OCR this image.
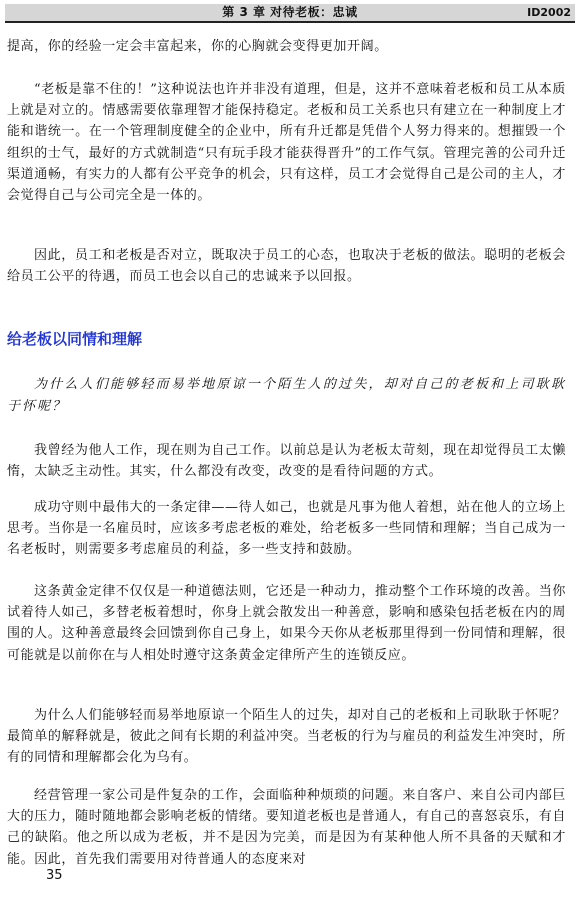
第 3 章 对待老板：忠诚	ID2002

提高，你的经验一定会丰富起来，你的心胸就会变得更加开阔。

“老板是靠不住的！”这种说法也许并非没有道理，但是，这并不意味着老板和员工从本质上就是对立的。情感需要依靠理智才能保持稳定。老板和员工关系也只有建立在一种制度上才能和谐统一。在一个管理制度健全的企业中，所有升迁都是凭借个人努力得来的。想摧毁一个组织的士气，最好的方式就制造“只有玩手段才能获得晋升”的工作气氛。管理完善的公司升迁渠道通畅，有实力的人都有公平竞争的机会，只有这样，员工才会觉得自己是公司的主人，才会觉得自己与公司完全是一体的。

因此，员工和老板是否对立，既取决于员工的心态，也取决于老板的做法。聪明的老板会给员工公平的待遇，而员工也会以自己的忠诚来予以回报。

给老板以同情和理解

为什么人们能够轻而易举地原谅一个陌生人的过失，却对自己的老板和上司耿耿于怀呢？

我曾经为他人工作，现在则为自己工作。以前总是认为老板太苛刻，现在却觉得员工太懒惰，太缺乏主动性。其实，什么都没有改变，改变的是看待问题的方式。

成功守则中最伟大的一条定律——待人如己，也就是凡事为他人着想，站在他人的立场上思考。当你是一名雇员时，应该多考虑老板的难处，给老板多一些同情和理解；当自己成为一名老板时，则需要多考虑雇员的利益，多一些支持和鼓励。

这条黄金定律不仅仅是一种道德法则，它还是一种动力，推动整个工作环境的改善。当你试着待人如己，多替老板着想时，你身上就会散发出一种善意，影响和感染包括老板在内的周围的人。这种善意最终会回馈到你自己身上，如果今天你从老板那里得到一份同情和理解，很可能就是以前你在与人相处时遵守这条黄金定律所产生的连锁反应。

为什么人们能够轻而易举地原谅一个陌生人的过失，却对自己的老板和上司耿耿于怀呢？最简单的解释就是，彼此之间有长期的利益冲突。当老板的行为与雇员的利益发生冲突时，所有的同情和理解都会化为乌有。

经营管理一家公司是件复杂的工作，会面临种种烦琐的问题。来自客户、来自公司内部巨大的压力，随时随地都会影响老板的情绪。要知道老板也是普通人，有自己的喜怒哀乐，有自己的缺陷。他之所以成为老板，并不是因为完美，而是因为有某种他人所不具备的天赋和才能。因此，首先我们需要用对待普通人的态度来对

35
